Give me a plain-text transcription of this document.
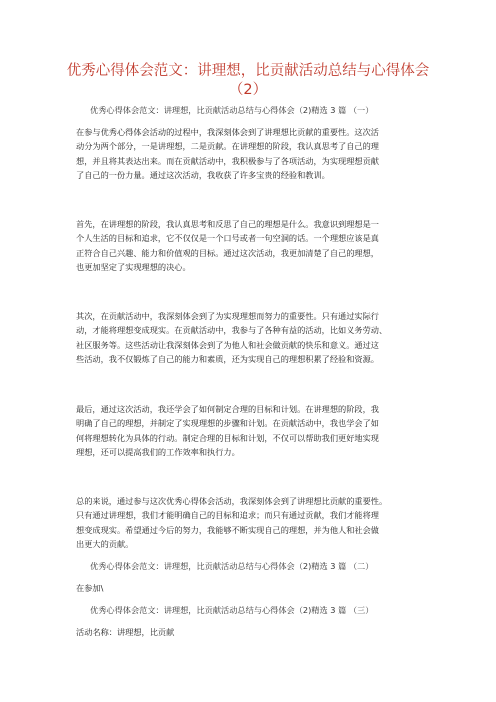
优秀心得体会范文：讲理想，比贡献活动总结与心得体会（2）
优秀心得体会范文：讲理想，比贡献活动总结与心得体会（2)精选 3 篇 （一）
在参与优秀心得体会活动的过程中，我深刻体会到了讲理想比贡献的重要性。这次活
动分为两个部分，一是讲理想，二是贡献。在讲理想的阶段，我认真思考了自己的理
想，并且将其表达出来。而在贡献活动中，我积极参与了各项活动，为实现理想贡献
了自己的一份力量。通过这次活动，我收获了许多宝贵的经验和教训。
首先，在讲理想的阶段，我认真思考和反思了自己的理想是什么。我意识到理想是一
个人生活的目标和追求，它不仅仅是一个口号或者一句空洞的话。一个理想应该是真
正符合自己兴趣、能力和价值观的目标。通过这次活动，我更加清楚了自己的理想，
也更加坚定了实现理想的决心。
其次，在贡献活动中，我深刻体会到了为实现理想而努力的重要性。只有通过实际行
动，才能将理想变成现实。在贡献活动中，我参与了各种有益的活动，比如义务劳动、
社区服务等。这些活动让我深刻体会到了为他人和社会做贡献的快乐和意义。通过这
些活动，我不仅锻炼了自己的能力和素质，还为实现自己的理想积累了经验和资源。
最后，通过这次活动，我还学会了如何制定合理的目标和计划。在讲理想的阶段，我
明确了自己的理想，并制定了实现理想的步骤和计划。在贡献活动中，我也学会了如
何将理想转化为具体的行动。制定合理的目标和计划，不仅可以帮助我们更好地实现
理想，还可以提高我们的工作效率和执行力。
总的来说，通过参与这次优秀心得体会活动，我深刻体会到了讲理想比贡献的重要性。
只有通过讲理想，我们才能明确自己的目标和追求；而只有通过贡献，我们才能将理
想变成现实。希望通过今后的努力，我能够不断实现自己的理想，并为他人和社会做
出更大的贡献。
优秀心得体会范文：讲理想，比贡献活动总结与心得体会（2)精选 3 篇 （二）
在参加\
优秀心得体会范文：讲理想，比贡献活动总结与心得体会（2)精选 3 篇 （三）
活动名称：讲理想，比贡献
